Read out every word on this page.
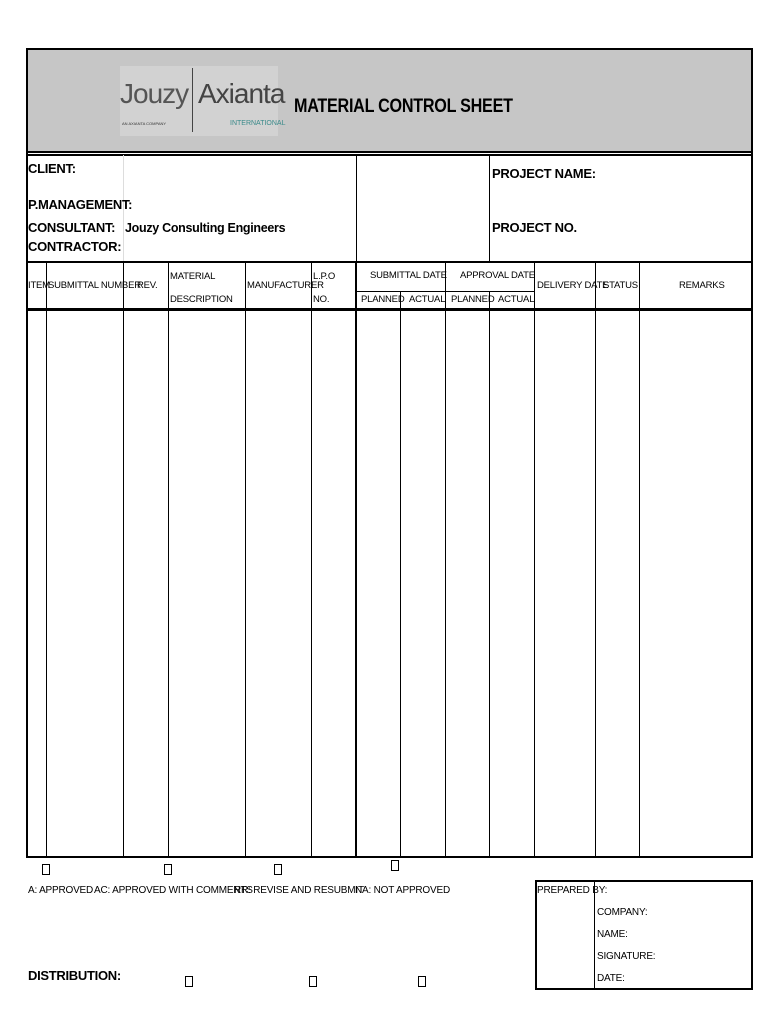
Jouzy
AN AXIANTA COMPANY
Axianta
INTERNATIONAL
MATERIAL CONTROL SHEET
CLIENT:
P.MANAGEMENT:
CONSULTANT:
CONTRACTOR:
Jouzy Consulting Engineers
PROJECT NAME:
PROJECT NO.
ITEM
SUBMITTAL NUMBER
REV.
MATERIAL
DESCRIPTION
MANUFACTURER
L.P.O
NO.
SUBMITTAL DATE APPROVAL DATE
PLANNED ACTUAL PLANNED ACTUAL
DELIVERY DATE
STATUS	REMARKS
A: APPROVED AC: APPROVED WITH COMMENTS
RR: REVISE AND RESUBMIT
NA: NOT APPROVED
DISTRIBUTION:
PREPARED BY:
COMPANY:
NAME:
SIGNATURE:
DATE:
